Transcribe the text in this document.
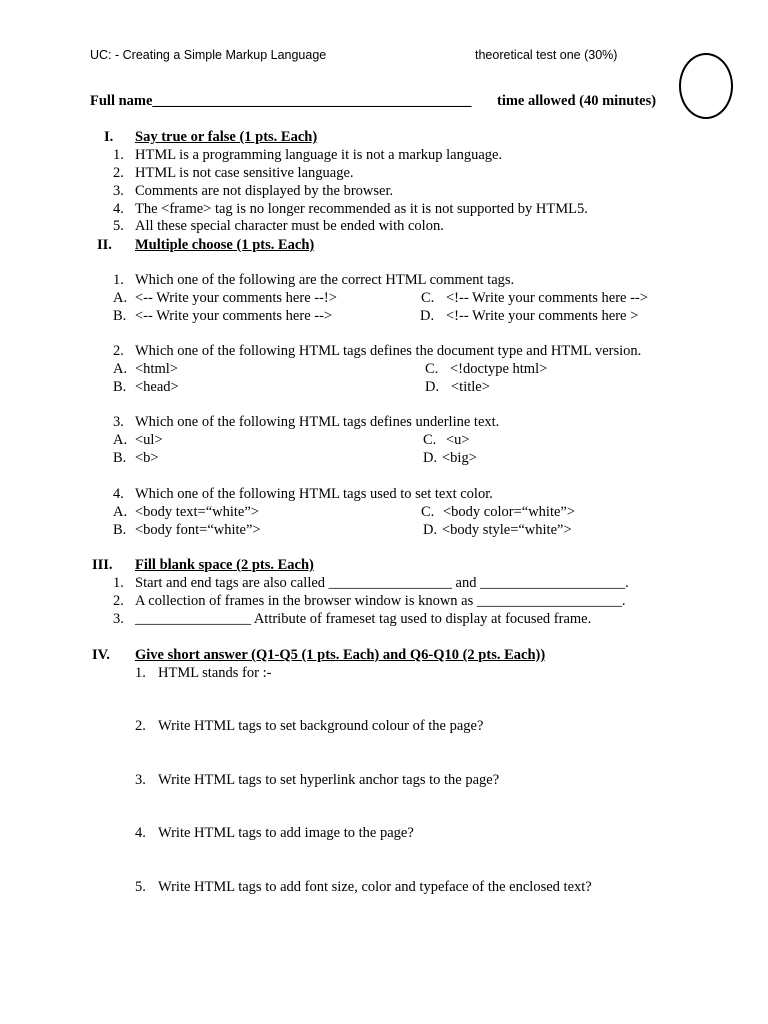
UC: - Creating a Simple Markup Language	theoretical test one (30%)
Full name____________________________________________ time allowed (40 minutes)
I. Say true or false (1 pts. Each)
1. HTML is a programming language it is not a markup language.
2. HTML is not case sensitive language.
3. Comments are not displayed by the browser.
4. The <frame> tag is no longer recommended as it is not supported by HTML5.
5. All these special character must be ended with colon.
II. Multiple choose (1 pts. Each)
1. Which one of the following are the correct HTML comment tags.
A. <-- Write your comments here --!>	C. <!-- Write your comments here -->
B. <-- Write your comments here -->	D. <!-- Write your comments here >
2. Which one of the following HTML tags defines the document type and HTML version.
A. <html>	C. <!doctype html>
B. <head>	D. <title>
3. Which one of the following HTML tags defines underline text.
A. <ul>	C. <u>
B. <b>	D. <big>
4. Which one of the following HTML tags used to set text color.
A. <body text=“white”>	C. <body color=“white”>
B. <body font=“white”>	D. <body style=“white”>
III. Fill blank space (2 pts. Each)
1. Start and end tags are also called _________________ and ____________________.
2. A collection of frames in the browser window is known as ____________________.
3. ________________ Attribute of frameset tag used to display at focused frame.
IV. Give short answer (Q1-Q5 (1 pts. Each) and Q6-Q10 (2 pts. Each))
1. HTML stands for :-
2. Write HTML tags to set background colour of the page?
3. Write HTML tags to set hyperlink anchor tags to the page?
4. Write HTML tags to add image to the page?
5. Write HTML tags to add font size, color and typeface of the enclosed text?
